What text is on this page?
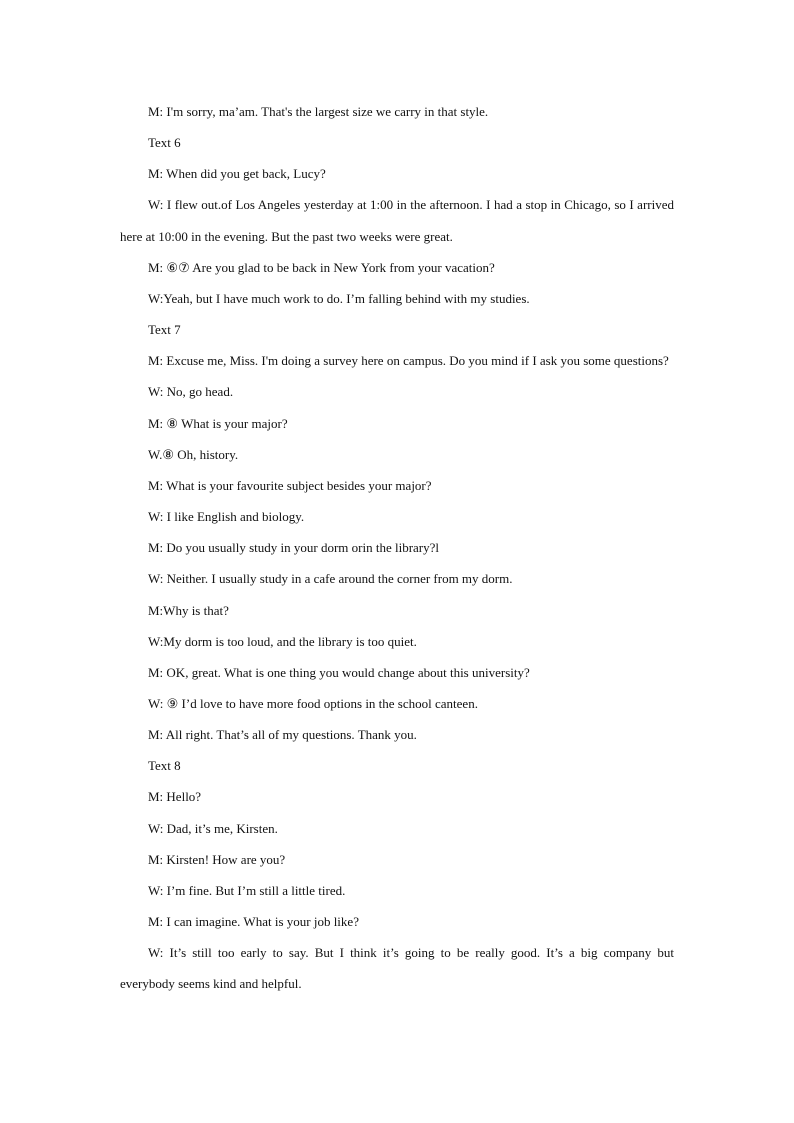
M: I'm sorry, ma’am. That's the largest size we carry in that style.

Text 6

M: When did you get back, Lucy?

W: I flew out.of Los Angeles yesterday at 1:00 in the afternoon. I had a stop in Chicago, so I arrived here at 10:00 in the evening. But the past two weeks were great.

M: ⑥⑦ Are you glad to be back in New York from your vacation?

W:Yeah, but I have much work to do. I’m falling behind with my studies.

Text 7

M: Excuse me, Miss. I'm doing a survey here on campus. Do you mind if I ask you some questions?

W: No, go head.

M: ⑧ What is your major?

W.⑧ Oh, history.

M: What is your favourite subject besides your major?

W: I like English and biology.

M: Do you usually study in your dorm orin the library?l

W: Neither. I usually study in a cafe around the corner from my dorm.

M:Why is that?

W:My dorm is too loud, and the library is too quiet.

M: OK, great. What is one thing you would change about this university?

W: ⑨ I’d love to have more food options in the school canteen.

M: All right. That’s all of my questions. Thank you.

Text 8

M: Hello?

W: Dad, it’s me, Kirsten.

M: Kirsten! How are you?

W: I’m fine. But I’m still a little tired.

M: I can imagine. What is your job like?

W: It’s still too early to say. But I think it’s going to be really good. It’s a big company but everybody seems kind and helpful.
